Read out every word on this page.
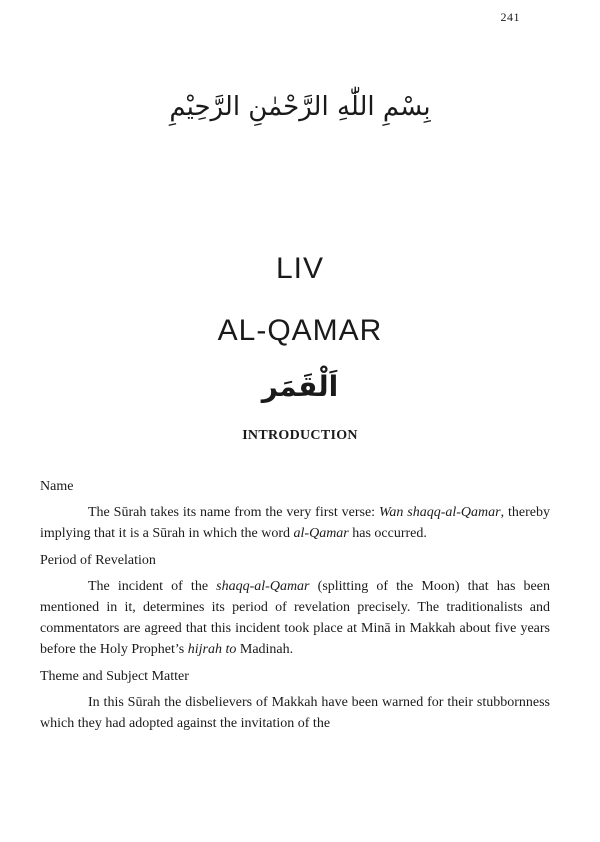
241
بِسْمِ اللّٰهِ الرَّحْمٰنِ الرَّحِيْمِ
LIV
AL-QAMAR
اَلْقَمَر
INTRODUCTION
Name

The Sūrah takes its name from the very first verse: Wan shaqq-al-Qamar, thereby implying that it is a Sūrah in which the word al-Qamar has occurred.

Period of Revelation

The incident of the shaqq-al-Qamar (splitting of the Moon) that has been mentioned in it, determines its period of revelation precisely. The traditionalists and commentators are agreed that this incident took place at Minā in Makkah about five years before the Holy Prophet’s hijrah to Madinah.

Theme and Subject Matter

In this Sūrah the disbelievers of Makkah have been warned for their stubbornness which they had adopted against the invitation of the
